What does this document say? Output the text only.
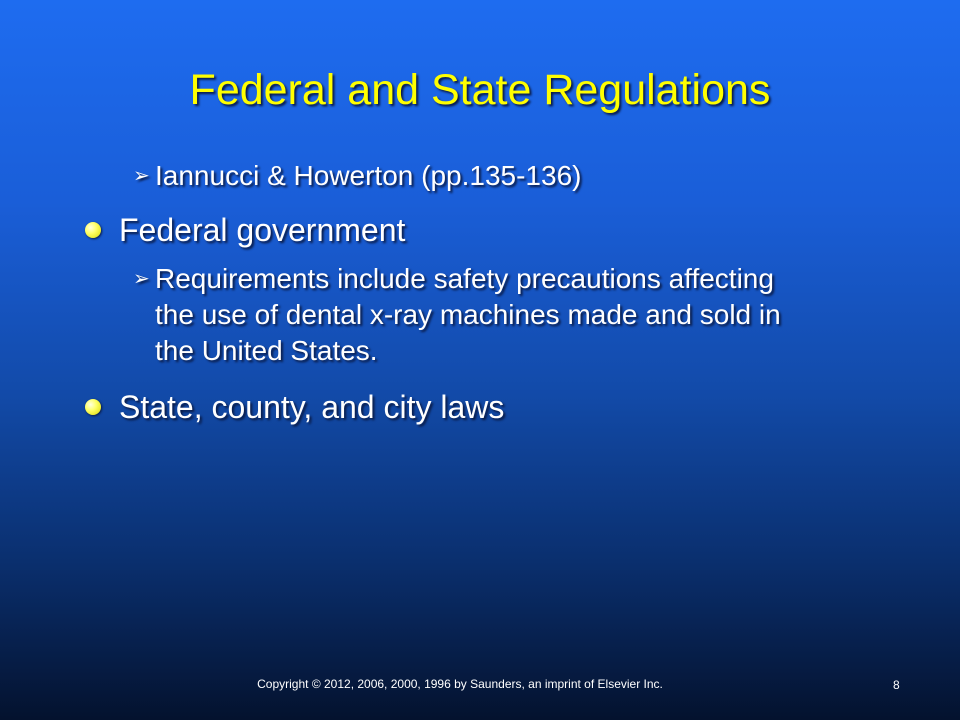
Federal and State Regulations
➢ Iannucci & Howerton (pp.135-136)
Federal government
➢ Requirements include safety precautions affecting
the use of dental x-ray machines made and sold in
the United States.
State, county, and city laws
Copyright © 2012, 2006, 2000, 1996 by Saunders, an imprint of Elsevier Inc.	8
